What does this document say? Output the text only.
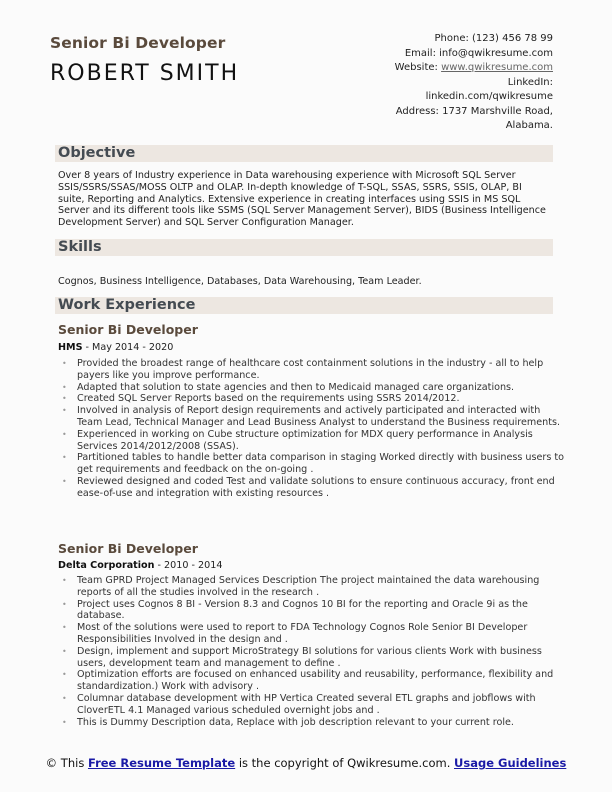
Senior Bi Developer
ROBERT SMITH
Phone: (123) 456 78 99
Email: info@qwikresume.com
Website: www.qwikresume.com
LinkedIn:
linkedin.com/qwikresume
Address: 1737 Marshville Road,
Alabama.
Objective
Over 8 years of Industry experience in Data warehousing experience with Microsoft SQL Server SSIS/SSRS/SSAS/MOSS OLTP and OLAP. In-depth knowledge of T-SQL, SSAS, SSRS, SSIS, OLAP, BI suite, Reporting and Analytics. Extensive experience in creating interfaces using SSIS in MS SQL Server and its different tools like SSMS (SQL Server Management Server), BIDS (Business Intelligence Development Server) and SQL Server Configuration Manager.
Skills
Cognos, Business Intelligence, Databases, Data Warehousing, Team Leader.
Work Experience
Senior Bi Developer
HMS - May 2014 - 2020
• Provided the broadest range of healthcare cost containment solutions in the industry - all to help payers like you improve performance.
• Adapted that solution to state agencies and then to Medicaid managed care organizations.
• Created SQL Server Reports based on the requirements using SSRS 2014/2012.
• Involved in analysis of Report design requirements and actively participated and interacted with Team Lead, Technical Manager and Lead Business Analyst to understand the Business requirements.
• Experienced in working on Cube structure optimization for MDX query performance in Analysis Services 2014/2012/2008 (SSAS).
• Partitioned tables to handle better data comparison in staging Worked directly with business users to get requirements and feedback on the on-going .
• Reviewed designed and coded Test and validate solutions to ensure continuous accuracy, front end ease-of-use and integration with existing resources .
Senior Bi Developer
Delta Corporation - 2010 - 2014
• Team GPRD Project Managed Services Description The project maintained the data warehousing reports of all the studies involved in the research .
• Project uses Cognos 8 BI - Version 8.3 and Cognos 10 BI for the reporting and Oracle 9i as the database.
• Most of the solutions were used to report to FDA Technology Cognos Role Senior BI Developer Responsibilities Involved in the design and .
• Design, implement and support MicroStrategy BI solutions for various clients Work with business users, development team and management to define .
• Optimization efforts are focused on enhanced usability and reusability, performance, flexibility and standardization.) Work with advisory .
• Columnar database development with HP Vertica Created several ETL graphs and jobflows with CloverETL 4.1 Managed various scheduled overnight jobs and .
• This is Dummy Description data, Replace with job description relevant to your current role.
© This Free Resume Template is the copyright of Qwikresume.com. Usage Guidelines
